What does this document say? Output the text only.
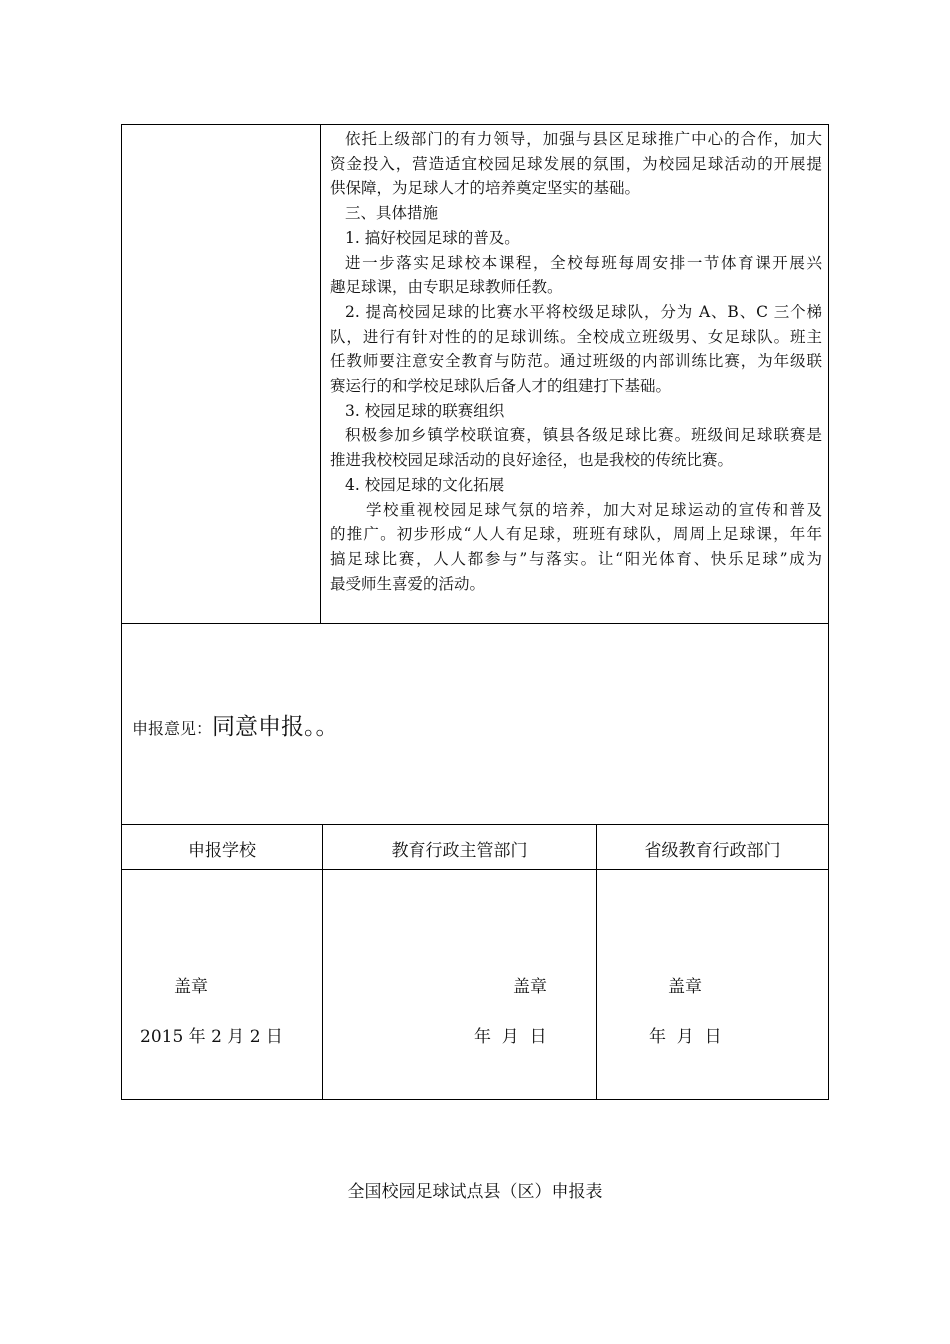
依托上级部门的有力领导，加强与县区足球推广中心的合作，加大
资金投入，营造适宜校园足球发展的氛围，为校园足球活动的开展提
供保障，为足球人才的培养奠定坚实的基础。
三、具体措施
1. 搞好校园足球的普及。
进一步落实足球校本课程，全校每班每周安排一节体育课开展兴
趣足球课，由专职足球教师任教。
2. 提高校园足球的比赛水平将校级足球队，分为 A、B、C 三个梯
队，进行有针对性的的足球训练。全校成立班级男、女足球队。班主
任教师要注意安全教育与防范。通过班级的内部训练比赛，为年级联
赛运行的和学校足球队后备人才的组建打下基础。
3. 校园足球的联赛组织
积极参加乡镇学校联谊赛，镇县各级足球比赛。班级间足球联赛是
推进我校校园足球活动的良好途径，也是我校的传统比赛。
4. 校园足球的文化拓展
学校重视校园足球气氛的培养，加大对足球运动的宣传和普及
的推广。初步形成“人人有足球，班班有球队，周周上足球课，年年
搞足球比赛，人人都参与”与落实。让“阳光体育、快乐足球”成为
最受师生喜爱的活动。
申报意见：同意申报。。
申报学校	教育行政主管部门	省级教育行政部门
盖章
2015 年 2 月 2 日
盖章
年  月  日
盖章
年  月  日
全国校园足球试点县（区）申报表
